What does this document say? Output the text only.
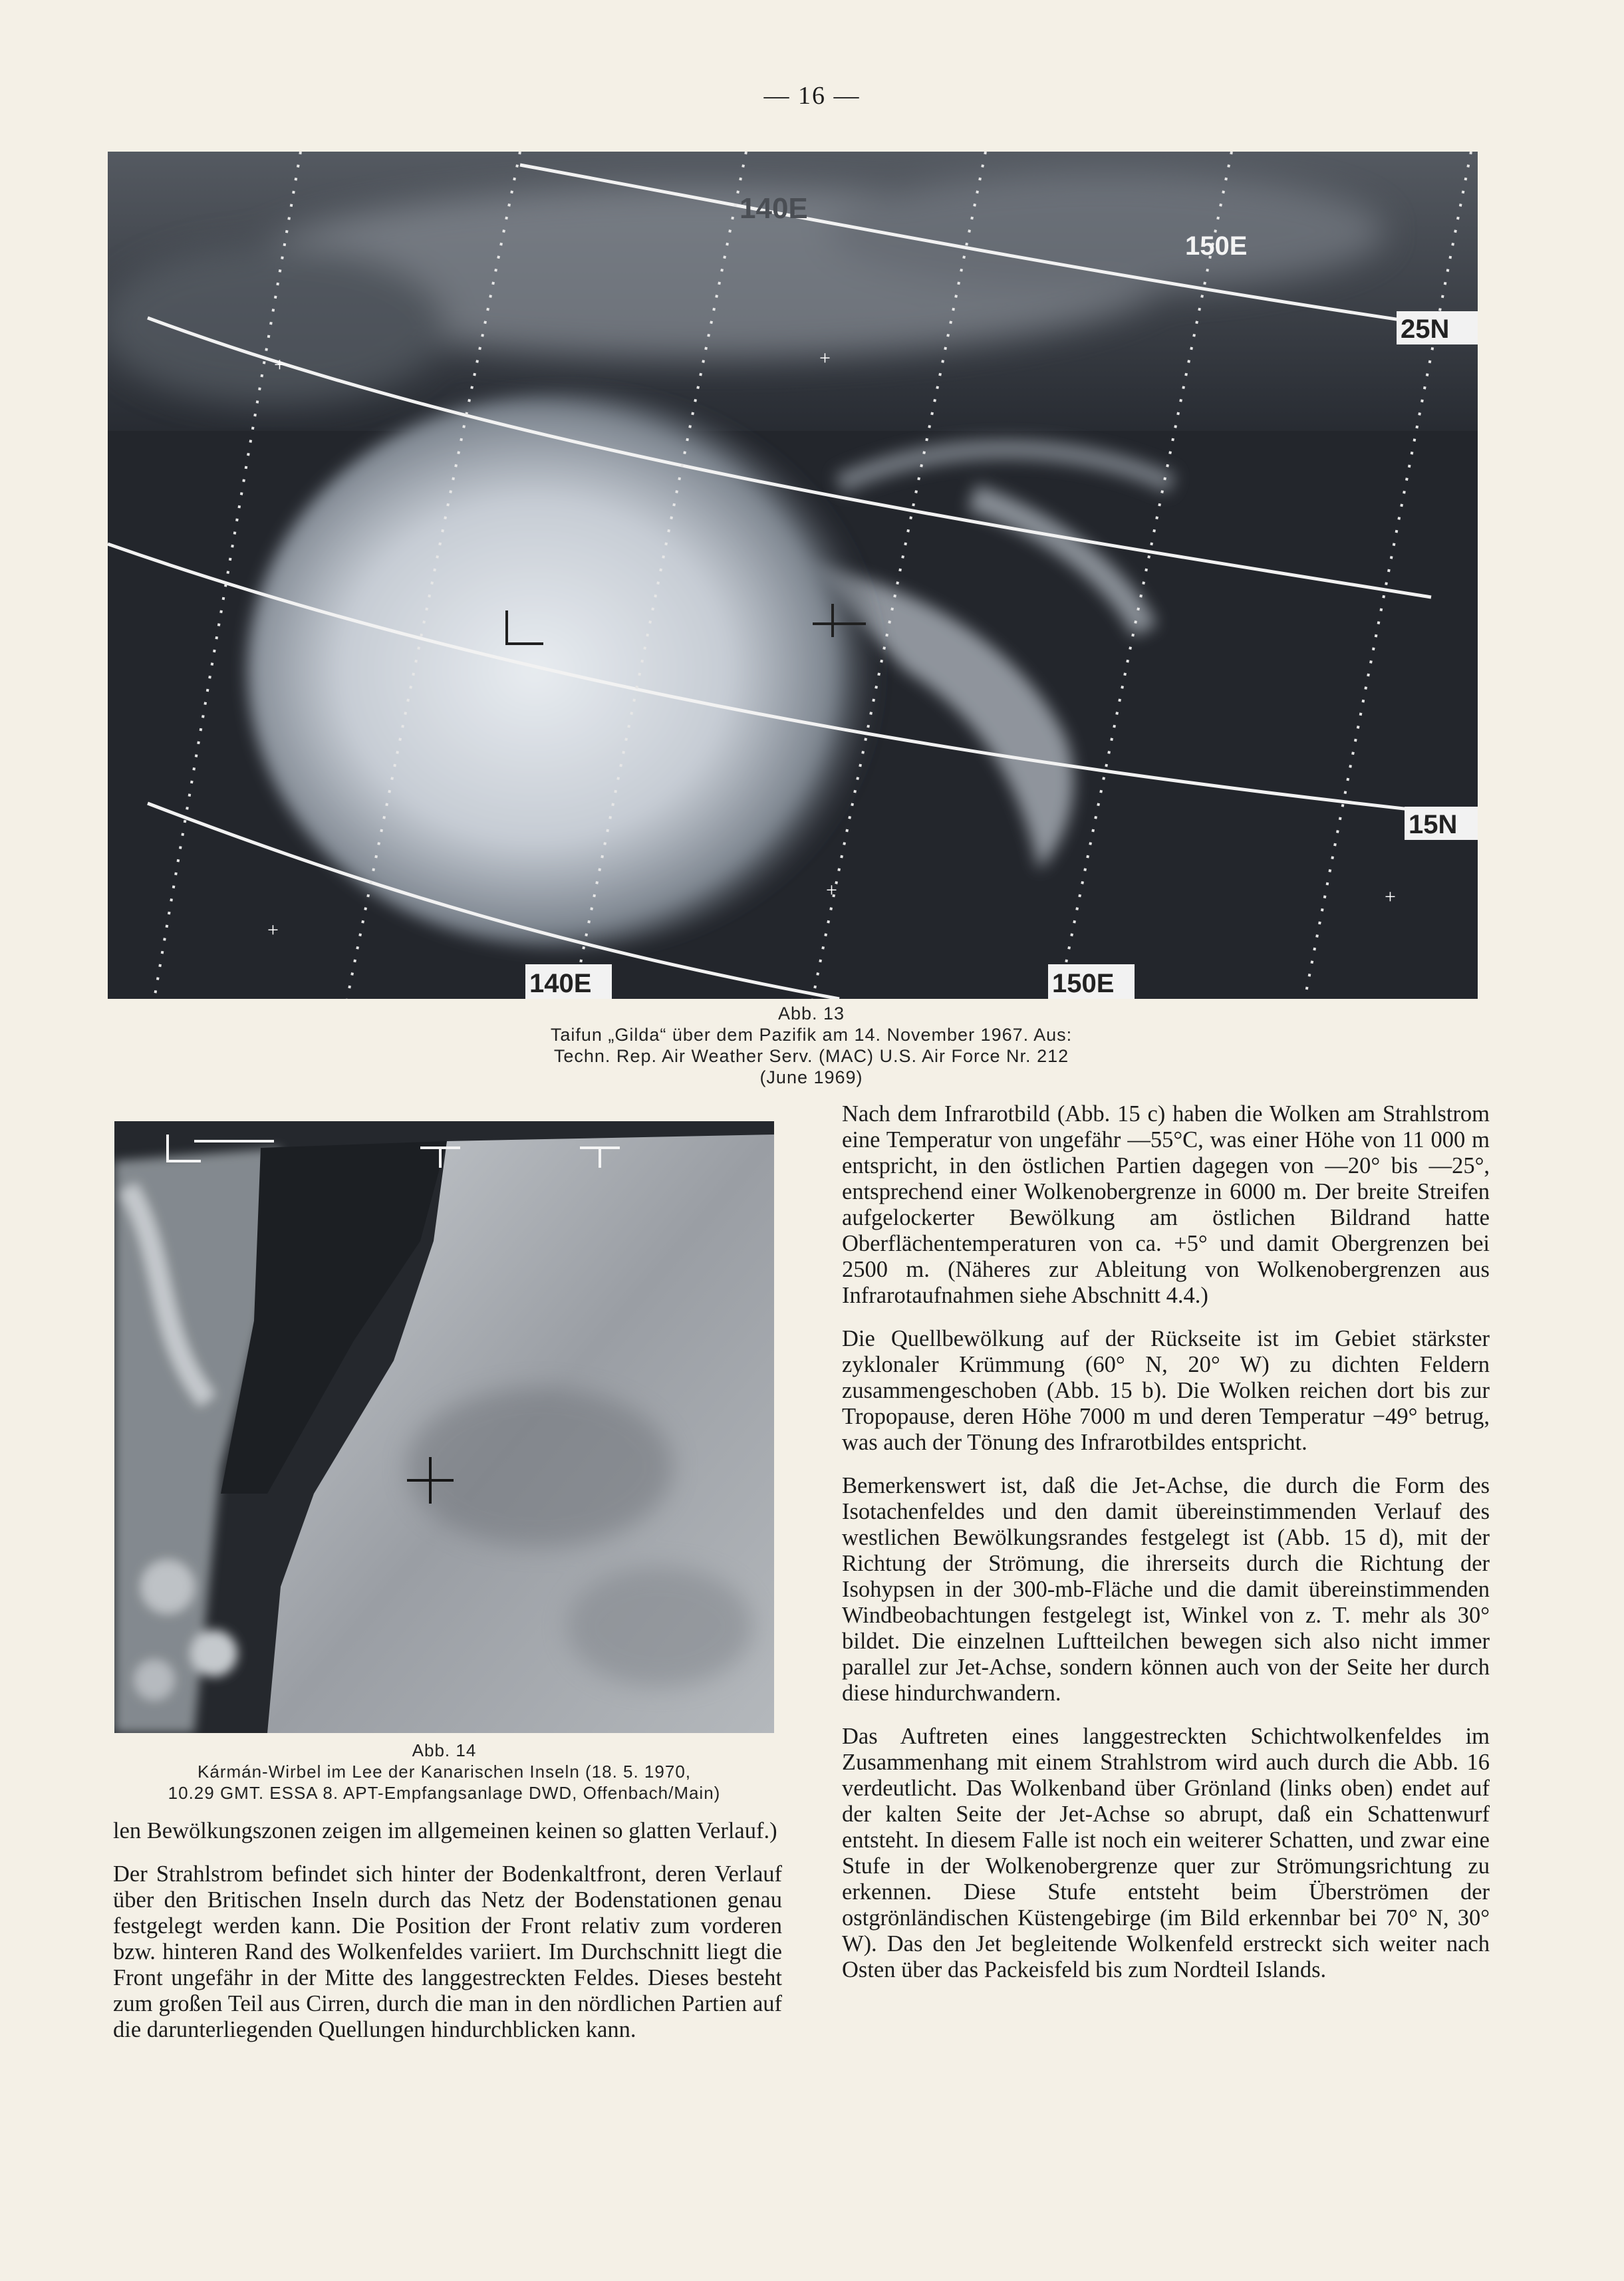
— 16 —
+	+
+
+	+
140E
150E
25N
15N
140E	150E
Abb. 13
Taifun „Gilda“ über dem Pazifik am 14. November 1967. Aus:
Techn. Rep. Air Weather Serv. (MAC) U.S. Air Force Nr. 212
(June 1969)
Abb. 14
Kármán-Wirbel im Lee der Kanarischen Inseln (18. 5. 1970,
10.29 GMT. ESSA 8. APT-Empfangsanlage DWD, Offenbach/Main)

len Bewölkungszonen zeigen im allgemeinen keinen so glatten Verlauf.)

Der Strahlstrom befindet sich hinter der Bodenkaltfront, deren Verlauf über den Britischen Inseln durch das Netz der Bodenstationen genau festgelegt werden kann. Die Position der Front relativ zum vorderen bzw. hinteren Rand des Wolkenfeldes variiert. Im Durchschnitt liegt die Front ungefähr in der Mitte des langgestreckten Feldes. Dieses besteht zum großen Teil aus Cirren, durch die man in den nördlichen Partien auf die darunterliegenden Quellungen hindurchblicken kann.

Nach dem Infrarotbild (Abb. 15 c) haben die Wolken am Strahlstrom eine Temperatur von ungefähr —55°C, was einer Höhe von 11 000 m entspricht, in den östlichen Partien dagegen von —20° bis —25°, entsprechend einer Wolkenobergrenze in 6000 m. Der breite Streifen aufgelockerter Bewölkung am östlichen Bildrand hatte Oberflächentemperaturen von ca. +5° und damit Obergrenzen bei 2500 m. (Näheres zur Ableitung von Wolkenobergrenzen aus Infrarotaufnahmen siehe Abschnitt 4.4.)

Die Quellbewölkung auf der Rückseite ist im Gebiet stärkster zyklonaler Krümmung (60° N, 20° W) zu dichten Feldern zusammengeschoben (Abb. 15 b). Die Wolken reichen dort bis zur Tropopause, deren Höhe 7000 m und deren Temperatur −49° betrug, was auch der Tönung des Infrarotbildes entspricht.

Bemerkenswert ist, daß die Jet-Achse, die durch die Form des Isotachenfeldes und den damit übereinstimmenden Verlauf des westlichen Bewölkungsrandes festgelegt ist (Abb. 15 d), mit der Richtung der Strömung, die ihrerseits durch die Richtung der Isohypsen in der 300-mb-Fläche und die damit übereinstimmenden Windbeobachtungen festgelegt ist, Winkel von z. T. mehr als 30° bildet. Die einzelnen Luftteilchen bewegen sich also nicht immer parallel zur Jet-Achse, sondern können auch von der Seite her durch diese hindurchwandern.

Das Auftreten eines langgestreckten Schichtwolkenfeldes im Zusammenhang mit einem Strahlstrom wird auch durch die Abb. 16 verdeutlicht. Das Wolkenband über Grönland (links oben) endet auf der kalten Seite der Jet-Achse so abrupt, daß ein Schattenwurf entsteht. In diesem Falle ist noch ein weiterer Schatten, und zwar eine Stufe in der Wolkenobergrenze quer zur Strömungsrichtung zu erkennen. Diese Stufe entsteht beim Überströmen der ostgrönländischen Küstengebirge (im Bild erkennbar bei 70° N, 30° W). Das den Jet begleitende Wolkenfeld erstreckt sich weiter nach Osten über das Packeisfeld bis zum Nordteil Islands.
